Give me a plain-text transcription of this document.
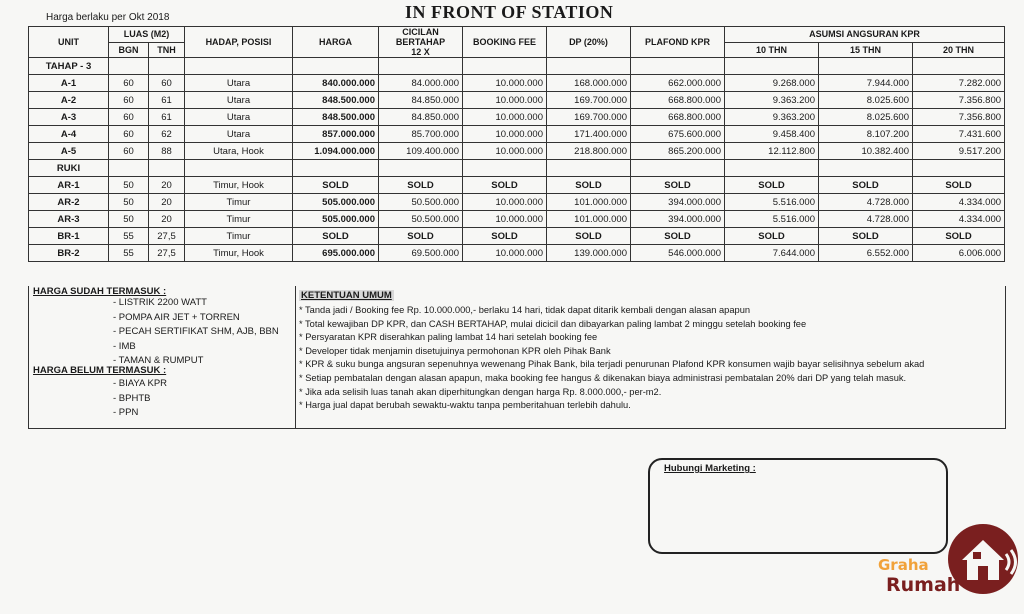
IN FRONT OF STATION
Harga berlaku per Okt 2018
UNIT	LUAS (M2)		HADAP, POSISI	HARGA	CICILAN
BERTAHAP
12 X	BOOKING FEE	DP (20%)	PLAFOND KPR	ASUMSI ANGSURAN KPR		
	BGN	TNH							10 THN	15 THN	20 THN
TAHAP - 3											
A-1	60	60	Utara	840.000.000	84.000.000	10.000.000	168.000.000	662.000.000	9.268.000	7.944.000	7.282.000
A-2	60	61	Utara	848.500.000	84.850.000	10.000.000	169.700.000	668.800.000	9.363.200	8.025.600	7.356.800
A-3	60	61	Utara	848.500.000	84.850.000	10.000.000	169.700.000	668.800.000	9.363.200	8.025.600	7.356.800
A-4	60	62	Utara	857.000.000	85.700.000	10.000.000	171.400.000	675.600.000	9.458.400	8.107.200	7.431.600
A-5	60	88	Utara, Hook	1.094.000.000	109.400.000	10.000.000	218.800.000	865.200.000	12.112.800	10.382.400	9.517.200
RUKI											
AR-1	50	20	Timur, Hook	SOLD	SOLD	SOLD	SOLD	SOLD	SOLD	SOLD	SOLD
AR-2	50	20	Timur	505.000.000	50.500.000	10.000.000	101.000.000	394.000.000	5.516.000	4.728.000	4.334.000
AR-3	50	20	Timur	505.000.000	50.500.000	10.000.000	101.000.000	394.000.000	5.516.000	4.728.000	4.334.000
BR-1	55	27,5	Timur	SOLD	SOLD	SOLD	SOLD	SOLD	SOLD	SOLD	SOLD
BR-2	55	27,5	Timur, Hook	695.000.000	69.500.000	10.000.000	139.000.000	546.000.000	7.644.000	6.552.000	6.006.000
HARGA SUDAH TERMASUK :
- LISTRIK 2200 WATT
- POMPA AIR JET + TORREN
- PECAH SERTIFIKAT SHM, AJB, BBN
- IMB
- TAMAN & RUMPUT
HARGA BELUM TERMASUK :
- BIAYA KPR
- BPHTB
- PPN
KETENTUAN UMUM
* Tanda jadi / Booking fee Rp. 10.000.000,- berlaku 14 hari, tidak dapat ditarik kembali dengan alasan apapun
* Total kewajiban DP KPR, dan CASH BERTAHAP, mulai dicicil dan dibayarkan paling lambat 2 minggu setelah booking fee
* Persyaratan KPR diserahkan paling lambat 14 hari setelah booking fee
* Developer tidak menjamin disetujuinya permohonan KPR oleh Pihak Bank
* KPR & suku bunga angsuran sepenuhnya wewenang Pihak Bank, bila terjadi penurunan Plafond KPR konsumen wajib bayar selisihnya sebelum akad
* Setiap pembatalan dengan alasan apapun, maka booking fee hangus & dikenakan biaya administrasi pembatalan 20% dari DP yang telah masuk.
* Jika ada selisih luas tanah akan diperhitungkan dengan harga Rp. 8.000.000,- per-m2.
* Harga jual dapat berubah sewaktu-waktu tanpa pemberitahuan terlebih dahulu.
Hubungi Marketing :
Graha
Rumah
